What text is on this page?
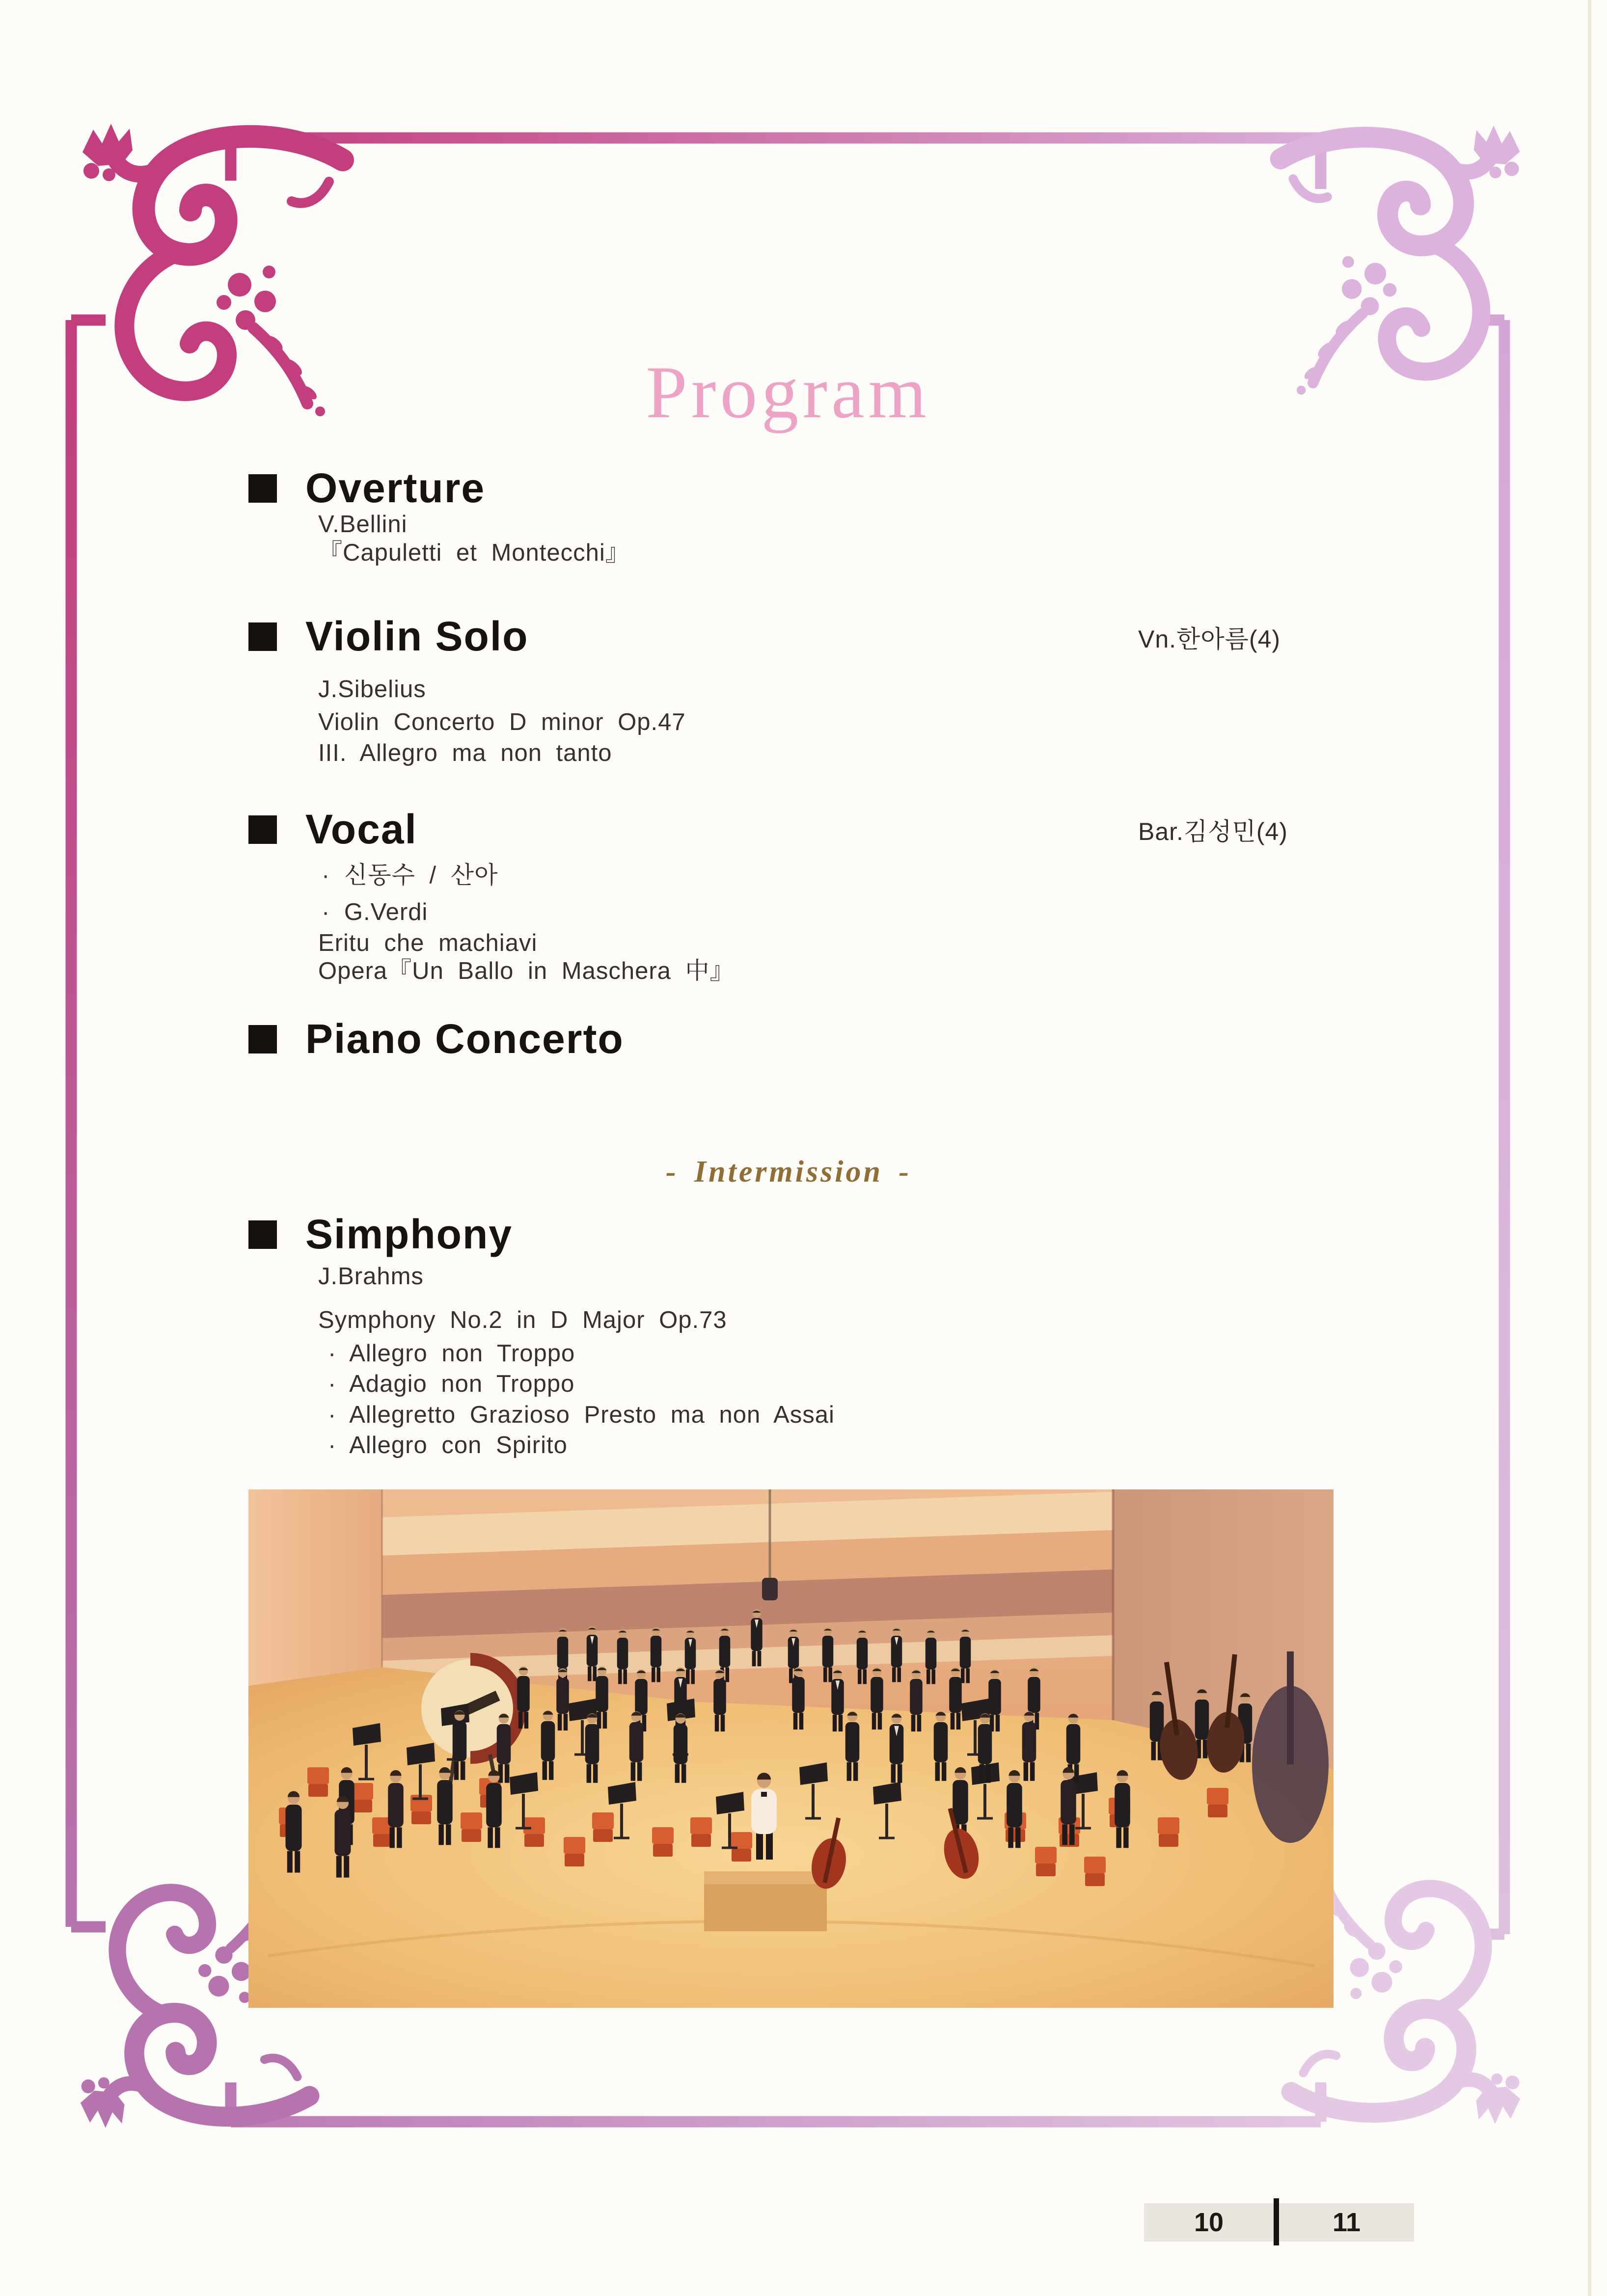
Program
Overture
V.Bellini
『Capuletti et Montecchi』
Violin Solo	Vn.한아름(4)
J.Sibelius
Violin Concerto D minor Op.47
III. Allegro ma non tanto
Vocal	Bar.김성민(4)
· 신동수 / 산아
· G.Verdi
Eritu che machiavi
Opera『Un Ballo in Maschera 中』
Piano Concerto
- Intermission -
Simphony
J.Brahms
Symphony No.2 in D Major Op.73
· Allegro non Troppo
· Adagio non Troppo
· Allegretto Grazioso Presto ma non Assai
· Allegro con Spirito
10	11
